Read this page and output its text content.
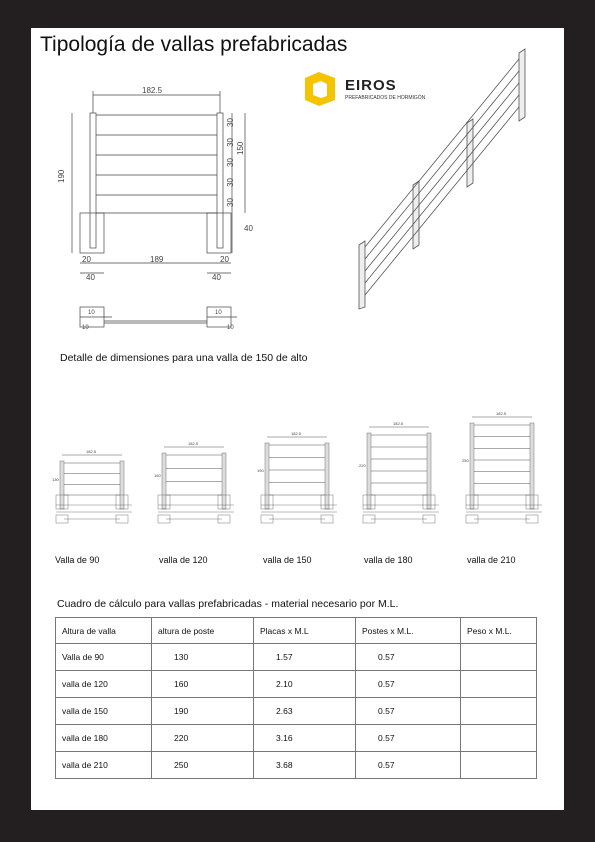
Tipología de vallas prefabricadas
EIROS
PREFABRICADOS DE HORMIGÓN
182.5
190
150
30
30
30
30
30
40
20	20
189
40	40
10
10
10
10
Detalle de dimensiones para una valla de 150 de alto
182.5
130
182.5
160
182.5
190
182.5
220
182.5
250
Valla de 90	valla de 120	valla de 150	valla de 180	valla de 210
Cuadro de cálculo para vallas prefabricadas - material necesario por M.L.
Altura de valla	altura de poste	Placas x M.L	Postes x M.L.	Peso x M.L.
Valla de 90	130	1.57	0.57	
valla de 120	160	2.10	0.57	
valla de 150	190	2.63	0.57	
valla de 180	220	3.16	0.57	
valla de 210	250	3.68	0.57	
